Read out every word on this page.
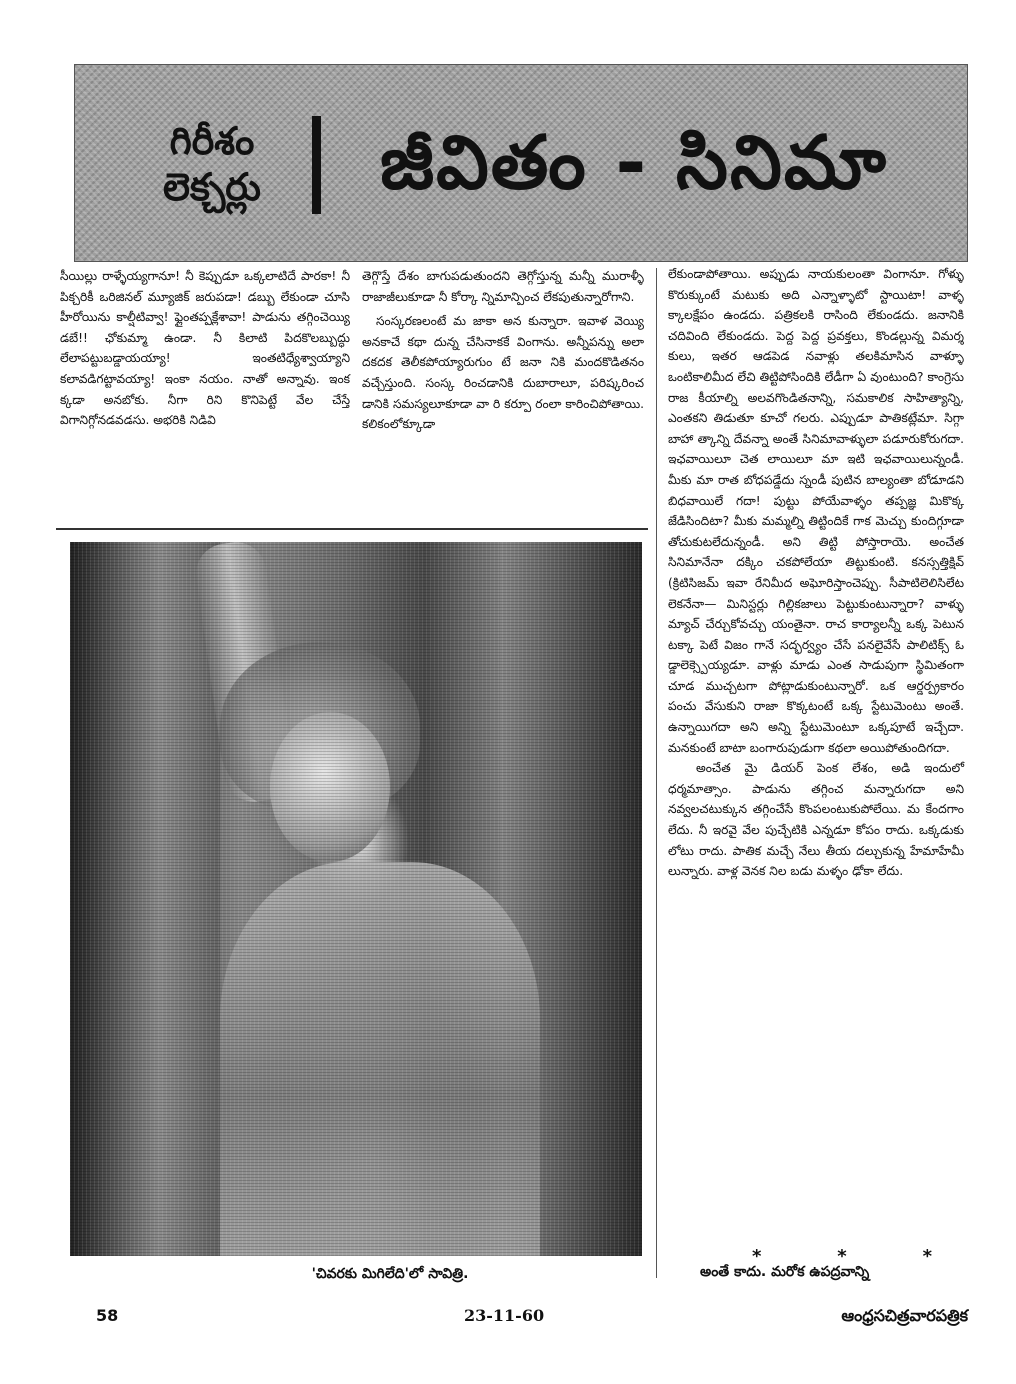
గిరీశం
లెక్చర్లు	జీవితం - సినిమా

సీయిల్లు రాళ్ళేయ్యగానూ! నీ కెప్పుడూ ఒక్కలాటిదే పారకా! నీ పిక్చరికీ ఒరిజినల్ మ్యూజిక్ జరుపడా! డబ్బు లేకుండా చూసి హీరోయిను కాల్షీటివ్వా! ఫ్లైంతప్పక్లేశావా! పాడును తగ్గించెయ్యి డబే!! ఛోకుమ్మా ఉండా. నీ కిలాటి పిదకొలబ్బుద్ధు లేలాపట్టుబడ్డాయయ్యా! ఇంతటిధ్యేశ్వాయ్యాని కలావడిగట్టావయ్యా! ఇంకా నయం. నాతో అన్నావు. ఇంక క్కడా అనబోకు. నీగా రిని కొనిపెట్టే వేల చేస్తే విగానిగ్గోనడవడసు. అభరికి నిడివి

తెగ్గొస్తే దేశం బాగుపడుతుందని తెగ్గోస్తున్న మన్నీ మురాళ్ళీ రాజాజీలుకూడా నీ కోర్కా న్నిమాన్పించ లేకపుతున్నారోగాని.

సంస్కరణలంటే మ జాకా అన కున్నారా. ఇవాళ వెయ్యి అనకాచే కథా దున్న చేసినాకకే వింగాను. అన్నీపన్ను అలా దకదక తెలీకపోయ్యారుగుం టే జనా నికి మందకొడితనం వచ్చేస్తుంది. సంస్క రించడానికి దుబారాలూ, పరిష్కరించ డానికి సమస్యలూకూడా వా రి కర్పూ రంలా కారించిపోతాయి. కలికంలోక్కూడా

లేకుండాపోతాయి. అప్పుడు నాయకులంతా వింగానూ. గోళ్ళు కొరుక్కుంటే మటుకు అది ఎన్నాళ్ళాటో స్టాయిటా! వాళ్ళ క్కాలక్షేపం ఉండదు. పత్రికలకి రాసింది లేకుండదు. జనానికి చదివింది లేకుండదు. పెద్ద పెద్ద ప్రవక్తలు, కొండల్లున్న విమర్శ కులు, ఇతర ఆడపెడ నవాళ్లు తలకిమాసిన వాళ్ళూ ఒంటికాలిమీద లేచి తిట్టిపోసిందికి లేడీగా ఏ వుంటుంది? కాంగ్రెసు రాజ కీయాల్ని అలవగొండితనాన్ని, సమకాలిక సాహిత్యాన్ని, ఎంతకని తిడుతూ కూచో గలరు. ఎప్పుడూ పాతికట్లేమా. సిగ్గా బాహా త్కాన్ని దేవన్నా అంతే సినిమావాళ్ళులా పడూరుకోరుగదా. ఇఛవాయిలూ చెత లాయిలూ మా ఇటి ఇఛవాయిలున్నండీ. మీకు మా రాత బోధపడ్డేదు స్నండీ పుటిన బాల్యంతా బోడూడని బిధవాయిలే గదా! పుట్టు పోయేవాళ్ళం తప్పజ్ఞ మికొక్క జేడిసిందిటా? మీకు మమ్మల్ని తిట్టిందికే గాక మెచ్చు కుందిగ్గూడా తోచుకుటలేదున్నండీ. అని తిట్టి పోస్తారాయె. అంచేత సినిమానేనా దక్కిం చకపోలేయా తిట్టుకుంటి. కనస్సత్తిక్షివ్ (క్రిటిసిజమ్ ఇవా రేనిమీద అఘోరిస్తాంచెప్పు. సీపాటిలెలిసిలేట లెకనేనా— మినిస్టర్లు గిల్లికజాలు పెట్టుకుంటున్నారా? వాళ్ళు మ్యాచ్ చేర్చుకోవచ్చు యంతైనా. రాచ కార్యాలన్నీ ఒక్క పెటున టక్కా పెటే విజం గానే సద్భర్వ్యం చేసే పనలైవేసే పాలిటిక్స్ ఓ డ్డాలెక్స్పెయ్యడూ. వాళ్లు మాడు ఎంత సాడుపుగా స్థిమితంగా చూడ ముచ్చటగా పోట్లాడుకుంటున్నారో. ఒక ఆర్డర్ప్రకారం పంచు వేసుకుని రాజా కొక్కటంటే ఒక్క స్టేటుమెంటు అంతే. ఉన్నాయిగదా అని అన్ని స్టేటుమెంటూ ఒక్కపూటే ఇచ్చేదా. మనకుంటే బాటా బంగారుపుడుగా కథలా అయిపోతుందిగదా.

అంచేత మై డియర్ పెంక లేశం, అడి ఇందులో ధర్మమాత్సాం. పాడును తగ్గించ మన్నారుగదా అని నవ్వలచటుక్కున తగ్గించేసే కొంపలంటుకుపోలేయి. మ కేందగాం లేదు. నీ ఇరవై వేల పుచ్చేటికి ఎన్నడూ కోపం రాదు. ఒక్కడుకు లోటు రాదు. పాతిక మచ్చే నేలు తీయ దల్చుకున్న హేమాహేమీ లున్నారు. వాళ్ల వెనక నిల బడు మళ్ళం ఢోకా లేదు.

'చివరకు మిగిలేది'లో సావిత్రి.
*	*	*
అంతే కాదు. మరోక ఉపద్రవాన్ని
58	23-11-60	ఆంధ్రసచిత్రవారపత్రిక
